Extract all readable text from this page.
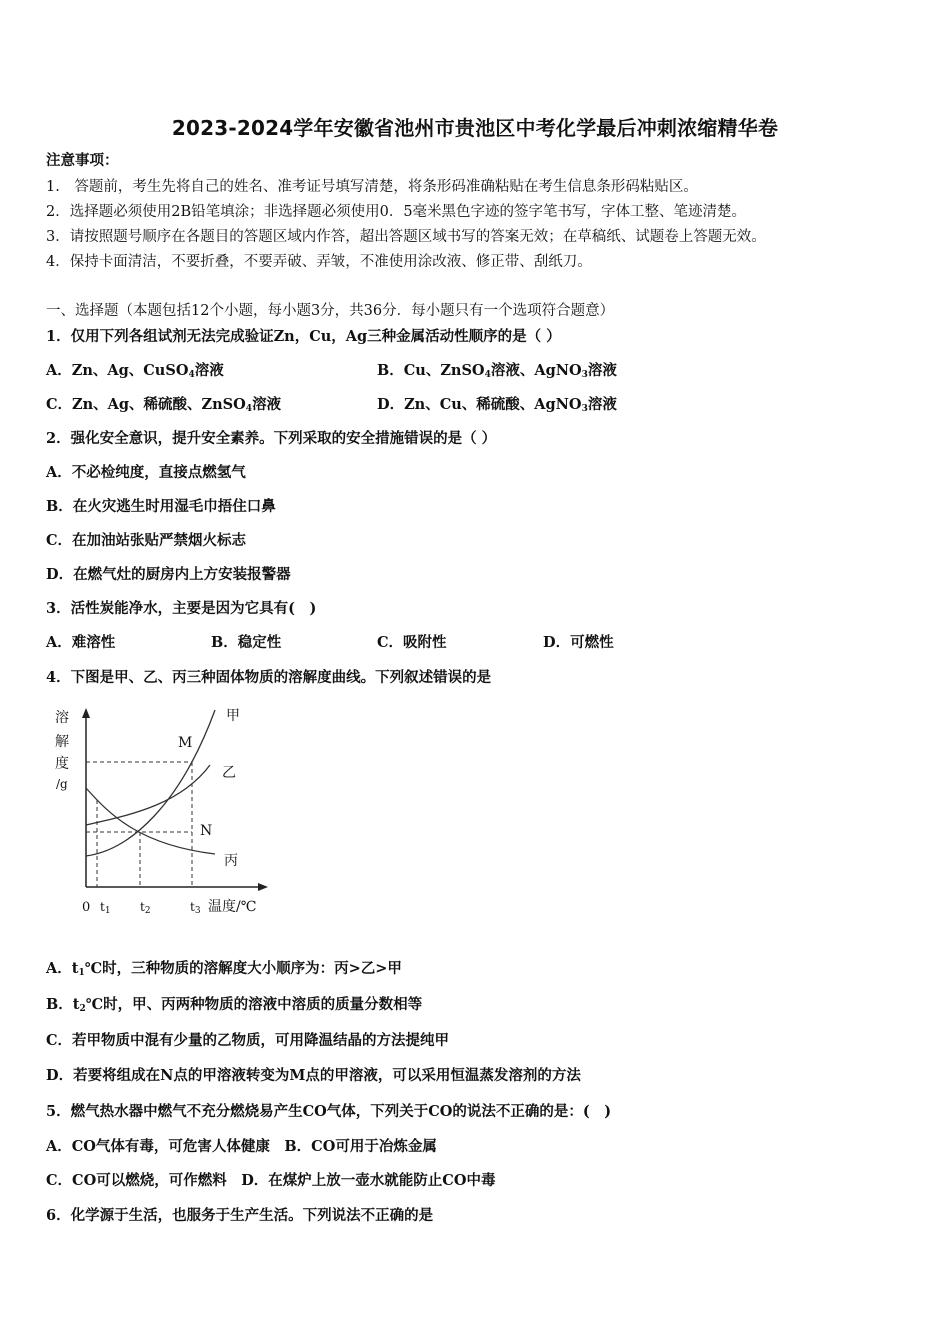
2023-2024学年安徽省池州市贵池区中考化学最后冲刺浓缩精华卷
注意事项：
1.　答题前，考生先将自己的姓名、准考证号填写清楚，将条形码准确粘贴在考生信息条形码粘贴区。
2．选择题必须使用2B铅笔填涂；非选择题必须使用0．5毫米黑色字迹的签字笔书写，字体工整、笔迹清楚。
3．请按照题号顺序在各题目的答题区域内作答，超出答题区域书写的答案无效；在草稿纸、试题卷上答题无效。
4．保持卡面清洁，不要折叠，不要弄破、弄皱，不准使用涂改液、修正带、刮纸刀。
一、选择题（本题包括12个小题，每小题3分，共36分．每小题只有一个选项符合题意）
1．仅用下列各组试剂无法完成验证Zn，Cu，Ag三种金属活动性顺序的是（ ）
A．Zn、Ag、CuSO$_4$溶液	B．Cu、ZnSO$_4$溶液、AgNO$_3$溶液
C．Zn、Ag、稀硫酸、ZnSO$_4$溶液	D．Zn、Cu、稀硫酸、AgNO$_3$溶液
2．强化安全意识，提升安全素养。下列采取的安全措施错误的是（ ）
A．不必检纯度，直接点燃氢气
B．在火灾逃生时用湿毛巾捂住口鼻
C．在加油站张贴严禁烟火标志
D．在燃气灶的厨房内上方安装报警器
3．活性炭能净水，主要是因为它具有(　)
A．难溶性	B．稳定性	C．吸附性	D．可燃性
4．下图是甲、乙、丙三种固体物质的溶解度曲线。下列叙述错误的是
溶
解
度
/g
甲
乙
丙
M
N
0 t1 t2	t3 温度/℃
A．$t_1℃$时，三种物质的溶解度大小顺序为：丙>乙>甲
B．$t_2℃$时，甲、丙两种物质的溶液中溶质的质量分数相等
C．若甲物质中混有少量的乙物质，可用降温结晶的方法提纯甲
D．若要将组成在N点的甲溶液转变为M点的甲溶液，可以采用恒温蒸发溶剂的方法
5．燃气热水器中燃气不充分燃烧易产生CO气体，下列关于CO的说法不正确的是：(　)
A．CO气体有毒，可危害人体健康　B．CO可用于冶炼金属
C．CO可以燃烧，可作燃料　D．在煤炉上放一壶水就能防止CO中毒
6．化学源于生活，也服务于生产生活。下列说法不正确的是
